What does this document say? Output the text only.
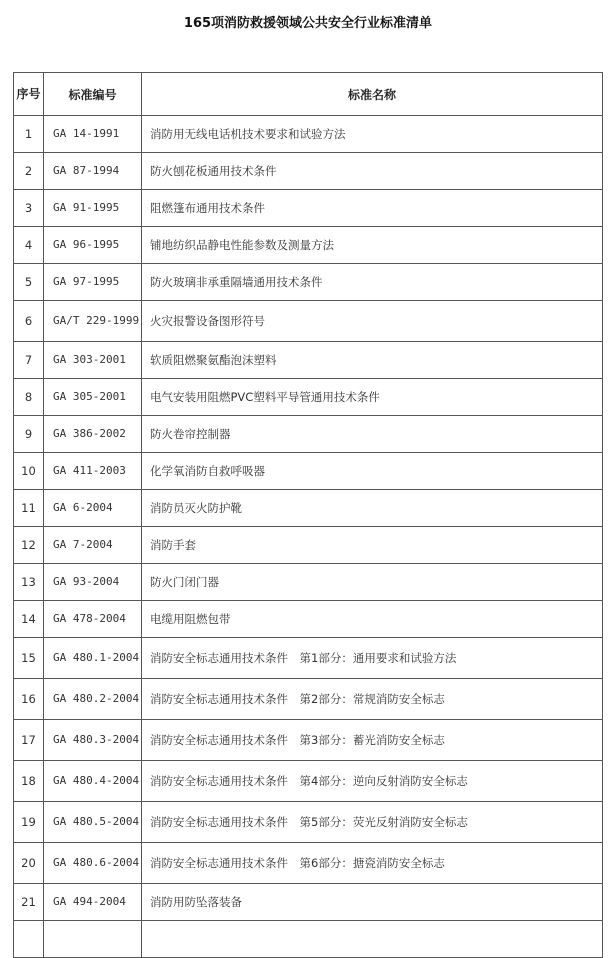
165项消防救援领域公共安全行业标准清单
序号	标准编号	标准名称
1	GA 14-1991	消防用无线电话机技术要求和试验方法
2	GA 87-1994	防火刨花板通用技术条件
3	GA 91-1995	阻燃篷布通用技术条件
4	GA 96-1995	铺地纺织品静电性能参数及测量方法
5	GA 97-1995	防火玻璃非承重隔墙通用技术条件
6	GA/T 229-1999	火灾报警设备图形符号
7	GA 303-2001	软质阻燃聚氨酯泡沫塑料
8	GA 305-2001	电气安装用阻燃PVC塑料平导管通用技术条件
9	GA 386-2002	防火卷帘控制器
10	GA 411-2003	化学氧消防自救呼吸器
11	GA 6-2004	消防员灭火防护靴
12	GA 7-2004	消防手套
13	GA 93-2004	防火门闭门器
14	GA 478-2004	电缆用阻燃包带
15	GA 480.1-2004	消防安全标志通用技术条件　第1部分：通用要求和试验方法
16	GA 480.2-2004	消防安全标志通用技术条件　第2部分：常规消防安全标志
17	GA 480.3-2004	消防安全标志通用技术条件　第3部分：蓄光消防安全标志
18	GA 480.4-2004	消防安全标志通用技术条件　第4部分：逆向反射消防安全标志
19	GA 480.5-2004	消防安全标志通用技术条件　第5部分：荧光反射消防安全标志
20	GA 480.6-2004	消防安全标志通用技术条件　第6部分：搪瓷消防安全标志
21	GA 494-2004	消防用防坠落装备
